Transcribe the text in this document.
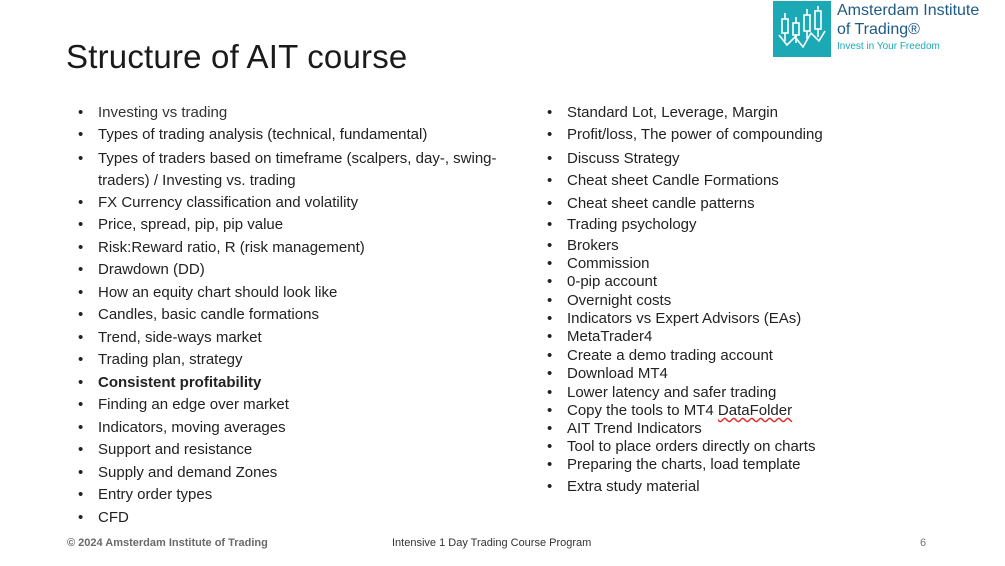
Structure of AIT course
Amsterdam Institute
of Trading®
Invest in Your Freedom
• Investing vs trading
• Types of trading analysis (technical, fundamental)
• Types of traders based on timeframe (scalpers, day-, swing-
traders) / Investing vs. trading
• FX Currency classification and volatility
• Price, spread, pip, pip value
• Risk:Reward ratio, R (risk management)
• Drawdown (DD)
• How an equity chart should look like
• Candles, basic candle formations
• Trend, side-ways market
• Trading plan, strategy
• Consistent profitability
• Finding an edge over market
• Indicators, moving averages
• Support and resistance
• Supply and demand Zones
• Entry order types
• CFD
• Standard Lot, Leverage, Margin
• Profit/loss, The power of compounding
• Discuss Strategy
• Cheat sheet Candle Formations
• Cheat sheet candle patterns
• Trading psychology
• Brokers
• Commission
• 0-pip account
• Overnight costs
• Indicators vs Expert Advisors (EAs)
• MetaTrader4
• Create a demo trading account
• Download MT4
• Lower latency and safer trading
• Copy the tools to MT4 DataFolder
• AIT Trend Indicators
• Tool to place orders directly on charts
• Preparing the charts, load template
• Extra study material
© 2024 Amsterdam Institute of Trading	Intensive 1 Day Trading Course Program	6
